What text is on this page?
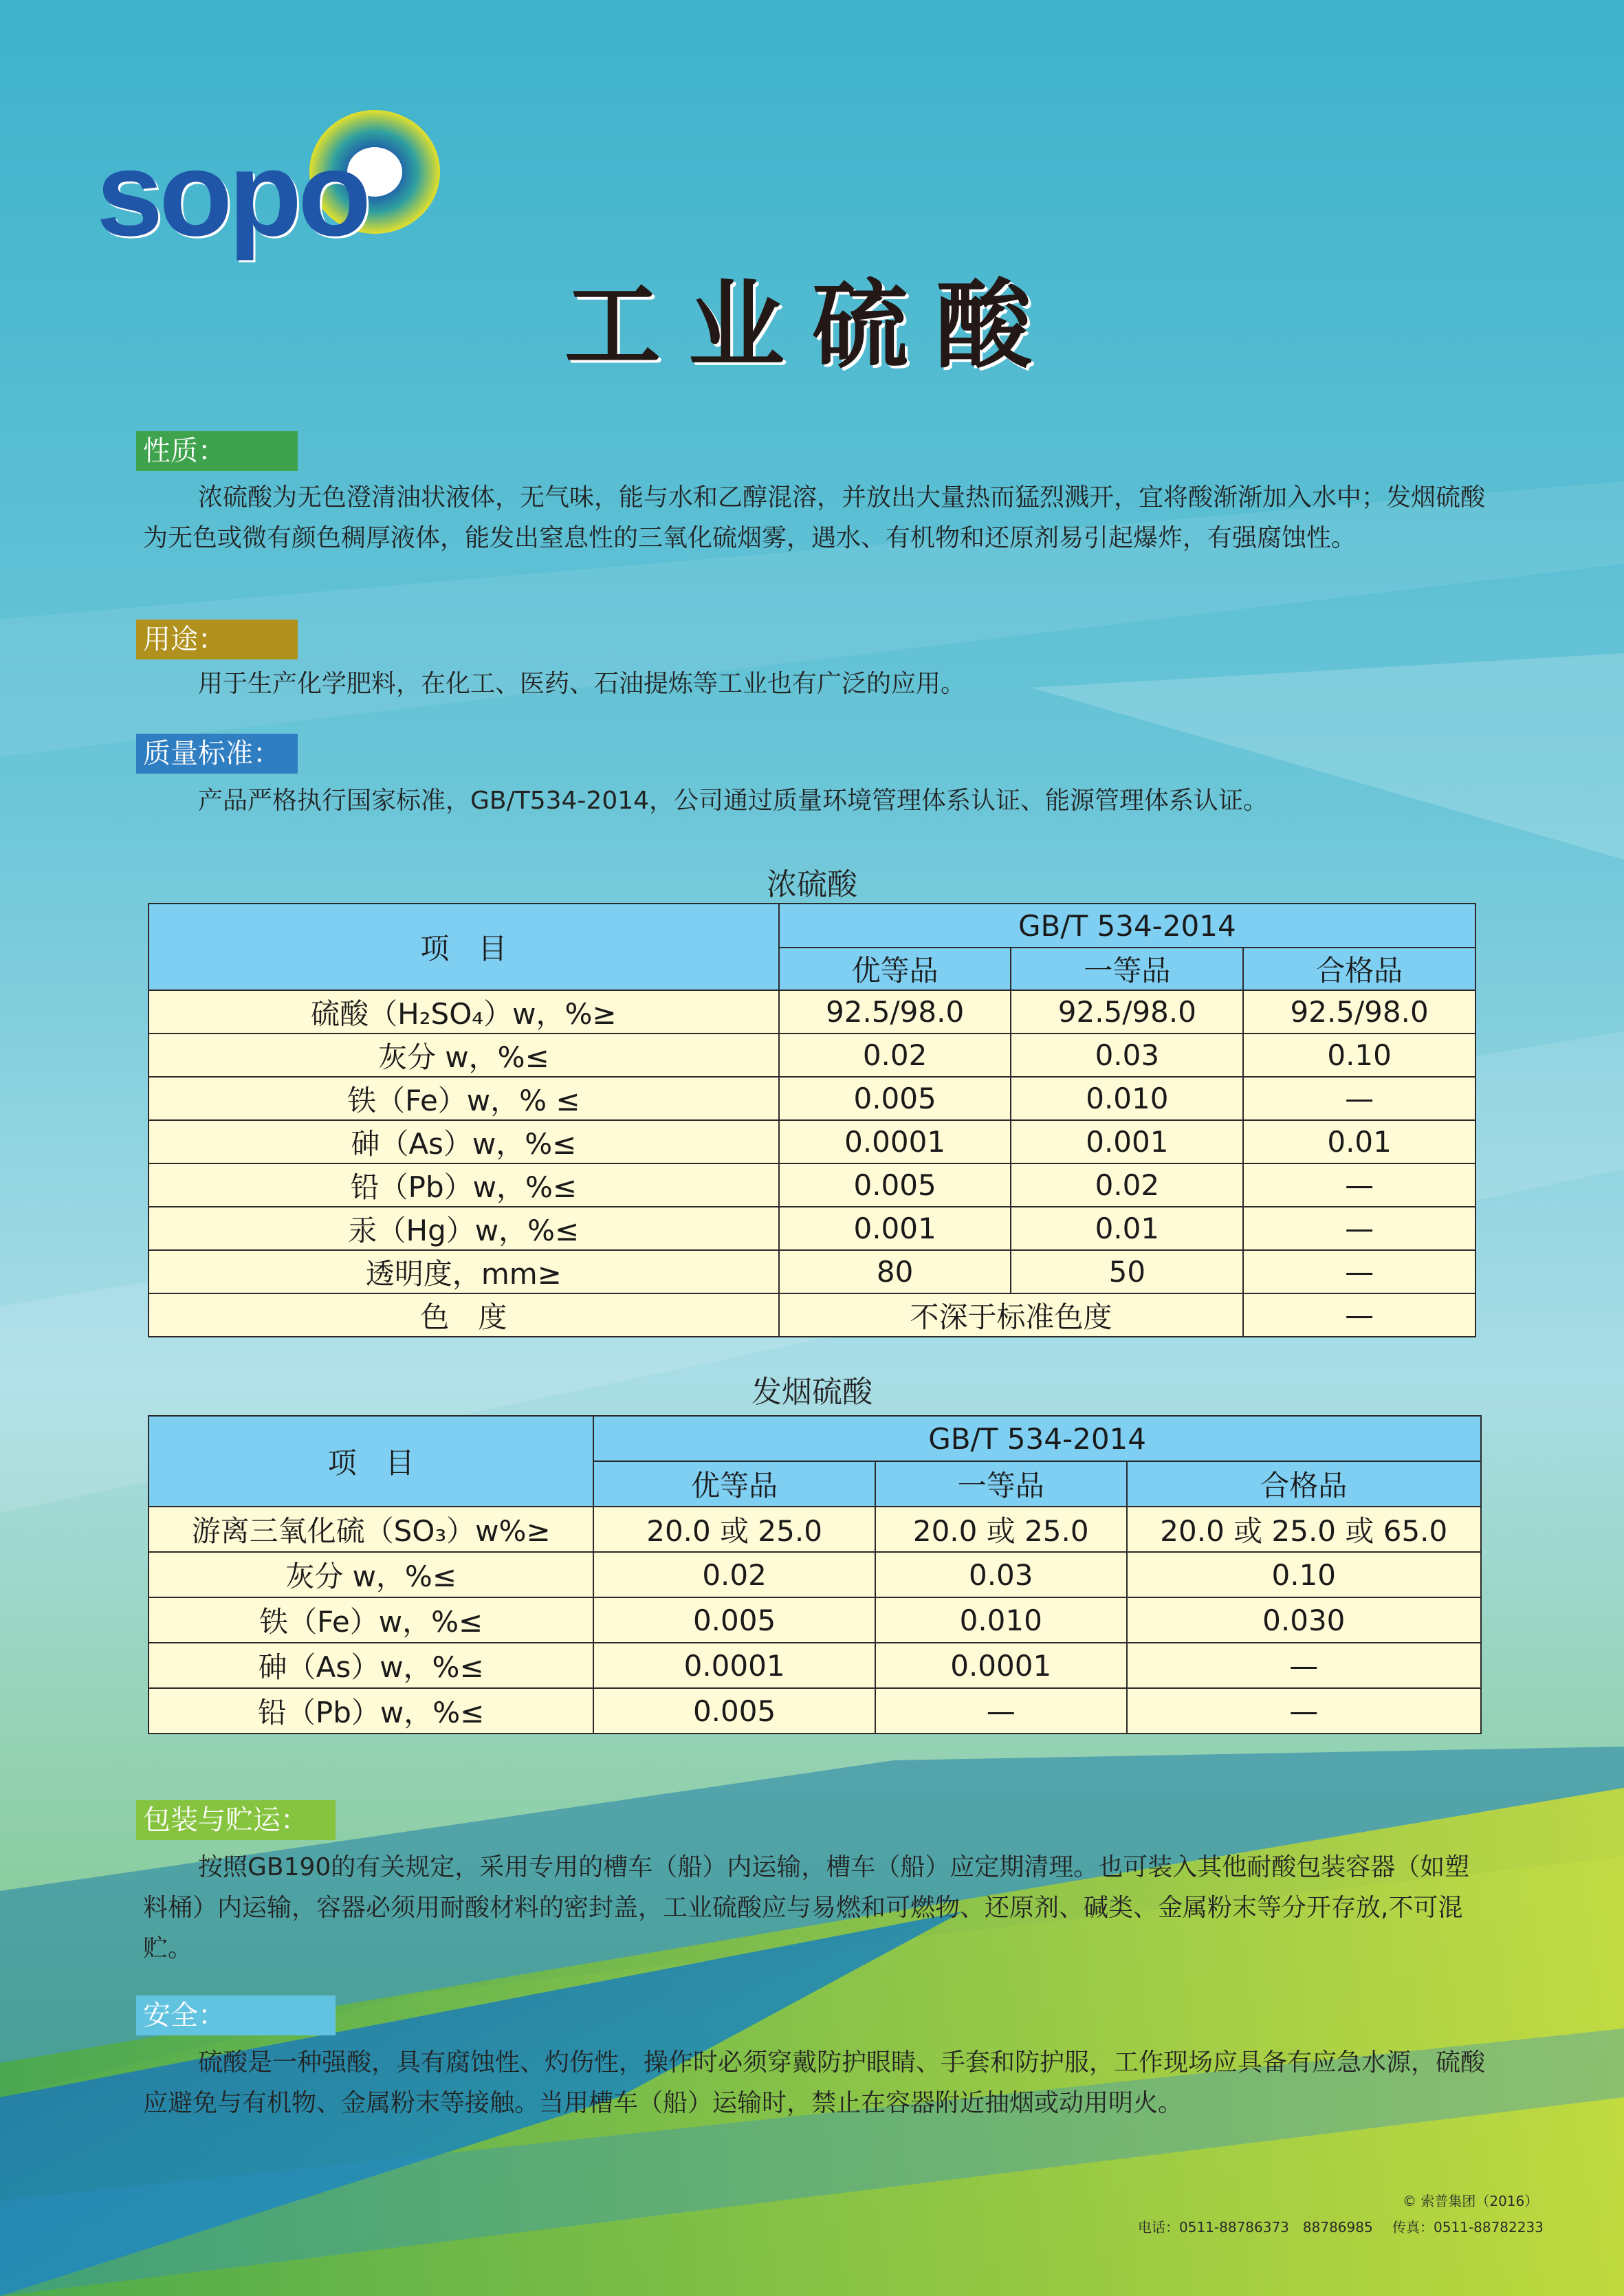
sopo
工业硫酸
性质：
浓硫酸为无色澄清油状液体，无气味，能与水和乙醇混溶，并放出大量热而猛烈溅开，宜将酸渐渐加入水中；发烟硫酸为无色或微有颜色稠厚液体，能发出窒息性的三氧化硫烟雾，遇水、有机物和还原剂易引起爆炸，有强腐蚀性。
用途：
用于生产化学肥料，在化工、医药、石油提炼等工业也有广泛的应用。
质量标准：
产品严格执行国家标准，GB/T534-2014，公司通过质量环境管理体系认证、能源管理体系认证。
浓硫酸
项　目	GB/T 534-2014		
	优等品	一等品	合格品
硫酸（H₂SO₄）w，%≥	92.5/98.0	92.5/98.0	92.5/98.0
灰分 w，%≤	0.02	0.03	0.10
铁（Fe）w，% ≤	0.005	0.010	—
砷（As）w，%≤	0.0001	0.001	0.01
铅（Pb）w，%≤	0.005	0.02	—
汞（Hg）w，%≤	0.001	0.01	—
透明度，mm≥	80	50	—
色　度	不深于标准色度		—
发烟硫酸
项　目	GB/T 534-2014		
	优等品	一等品	合格品
游离三氧化硫（SO₃）w%≥	20.0 或 25.0	20.0 或 25.0	20.0 或 25.0 或 65.0
灰分 w，%≤	0.02	0.03	0.10
铁（Fe）w，%≤	0.005	0.010	0.030
砷（As）w，%≤	0.0001	0.0001	—
铅（Pb）w，%≤	0.005	—	—
包装与贮运：
按照GB190的有关规定，采用专用的槽车（船）内运输，槽车（船）应定期清理。也可装入其他耐酸包装容器（如塑料桶）内运输，容器必须用耐酸材料的密封盖，工业硫酸应与易燃和可燃物、还原剂、碱类、金属粉末等分开存放,不可混贮。
安全：
硫酸是一种强酸，具有腐蚀性、灼伤性，操作时必须穿戴防护眼睛、手套和防护服，工作现场应具备有应急水源，硫酸应避免与有机物、金属粉末等接触。当用槽车（船）运输时，禁止在容器附近抽烟或动用明火。
© 索普集团（2016）
电话：0511-88786373　88786985 传真：0511-88782233
